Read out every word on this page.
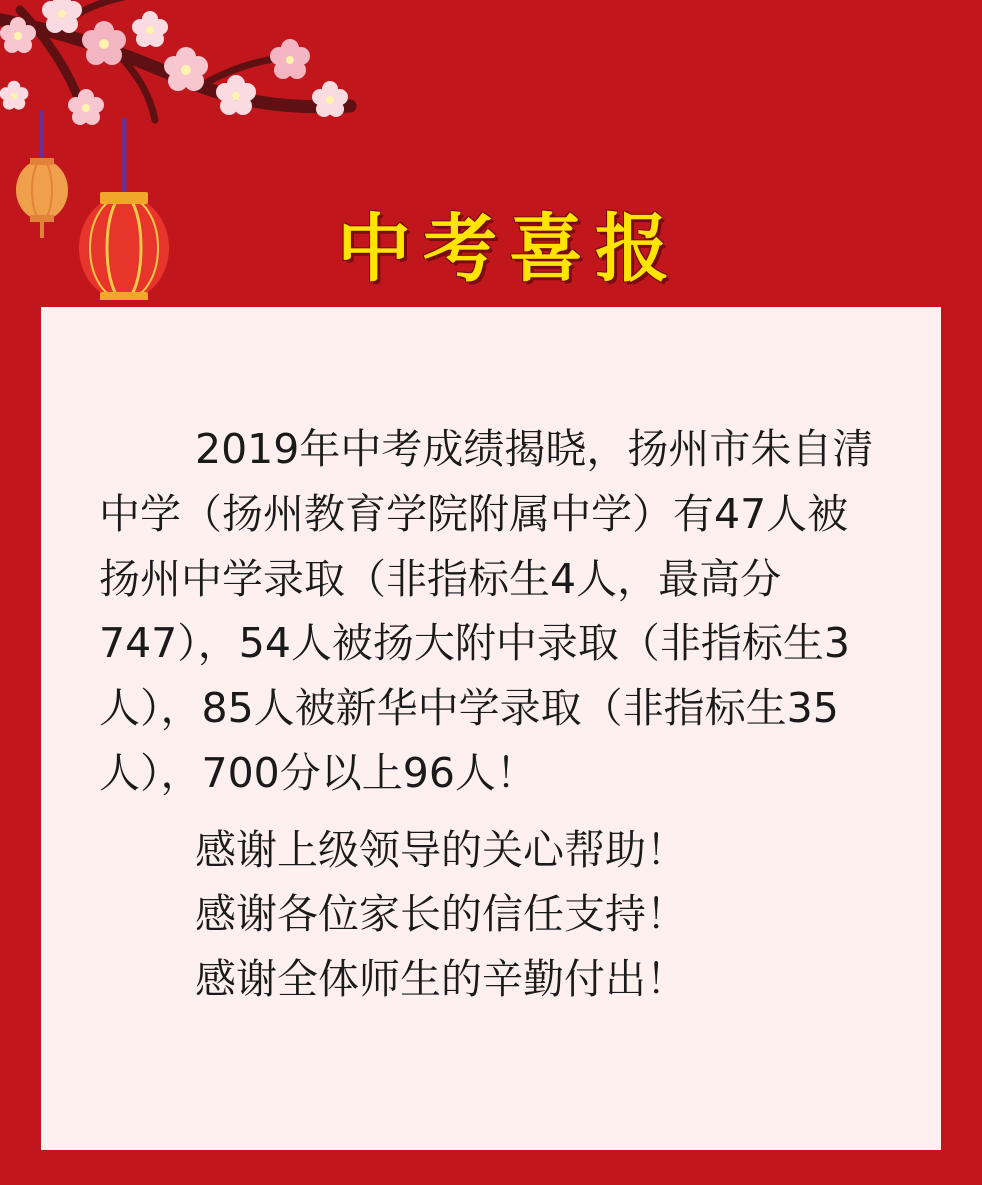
中考喜报

2019年中考成绩揭晓，扬州市朱自清中学（扬州教育学院附属中学）有47人被扬州中学录取（非指标生4人，最高分747），54人被扬大附中录取（非指标生3人），85人被新华中学录取（非指标生35人），700分以上96人！

感谢上级领导的关心帮助！

感谢各位家长的信任支持！

感谢全体师生的辛勤付出！
